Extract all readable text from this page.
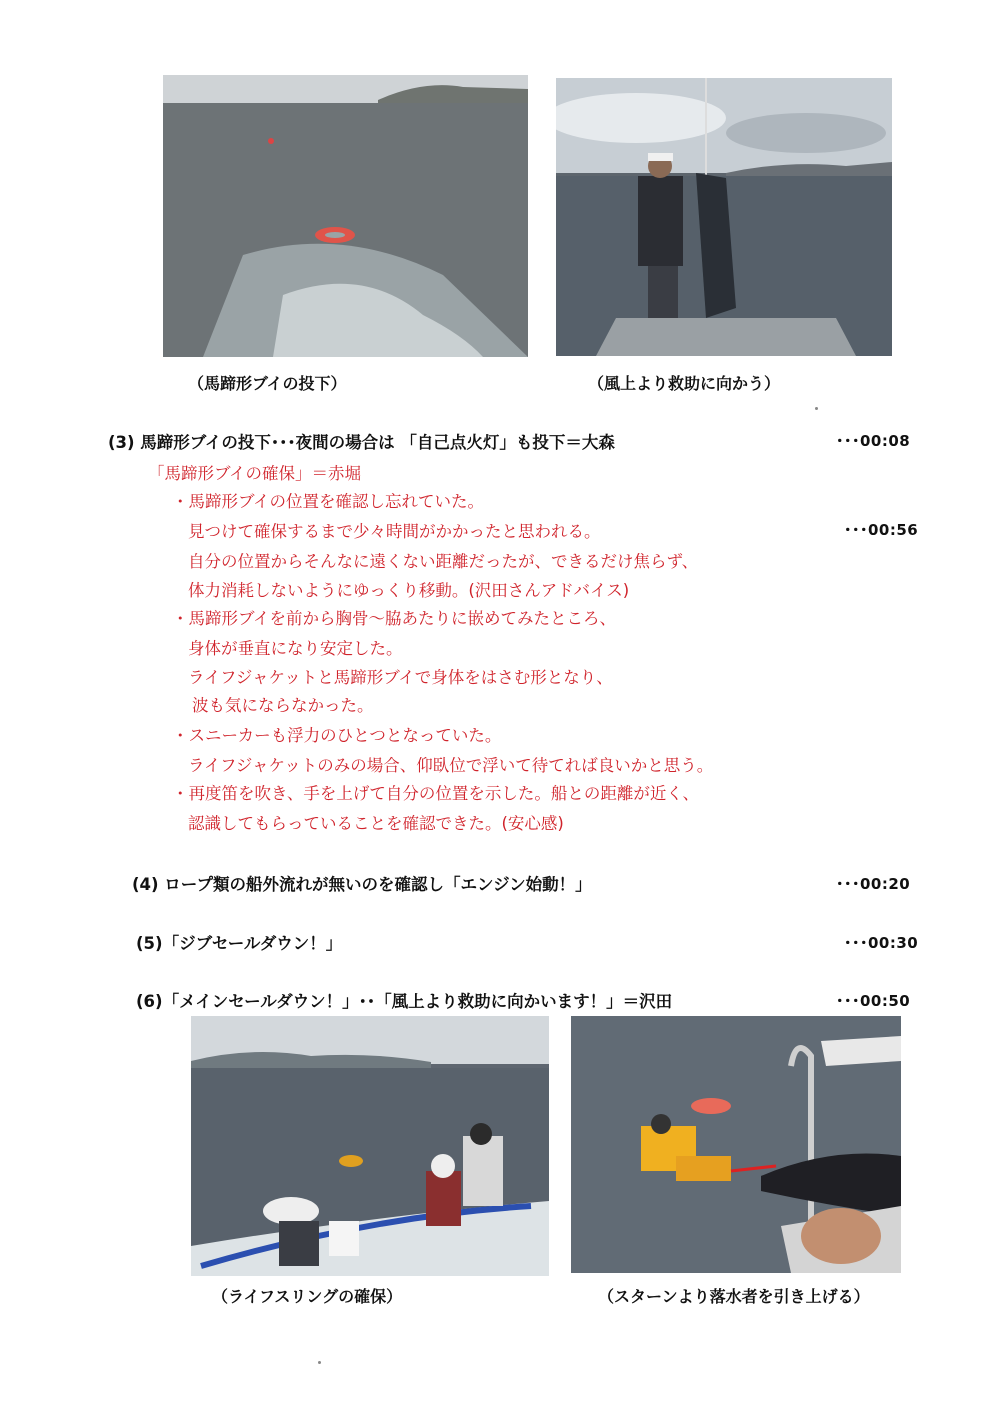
（馬蹄形ブイの投下）	（風上より救助に向かう）
(3) 馬蹄形ブイの投下･･･夜間の場合は 「自己点火灯」も投下＝大森	･･･00:08
「馬蹄形ブイの確保」＝赤堀
・馬蹄形ブイの位置を確認し忘れていた。
見つけて確保するまで少々時間がかかったと思われる。	･･･00:56
自分の位置からそんなに遠くない距離だったが、できるだけ焦らず、
体力消耗しないようにゆっくり移動。(沢田さんアドバイス)
・馬蹄形ブイを前から胸骨～脇あたりに嵌めてみたところ、
身体が垂直になり安定した。
ライフジャケットと馬蹄形ブイで身体をはさむ形となり、
波も気にならなかった。
・スニーカーも浮力のひとつとなっていた。
ライフジャケットのみの場合、仰臥位で浮いて待てれば良いかと思う。
・再度笛を吹き、手を上げて自分の位置を示した。船との距離が近く、
認識してもらっていることを確認できた。(安心感)
(4) ロープ類の船外流れが無いのを確認し「エンジン始動！」	･･･00:20
(5)「ジブセールダウン！」	･･･00:30
(6)「メインセールダウン！」･･「風上より救助に向かいます！」＝沢田	･･･00:50
（ライフスリングの確保）	（スターンより落水者を引き上げる）
